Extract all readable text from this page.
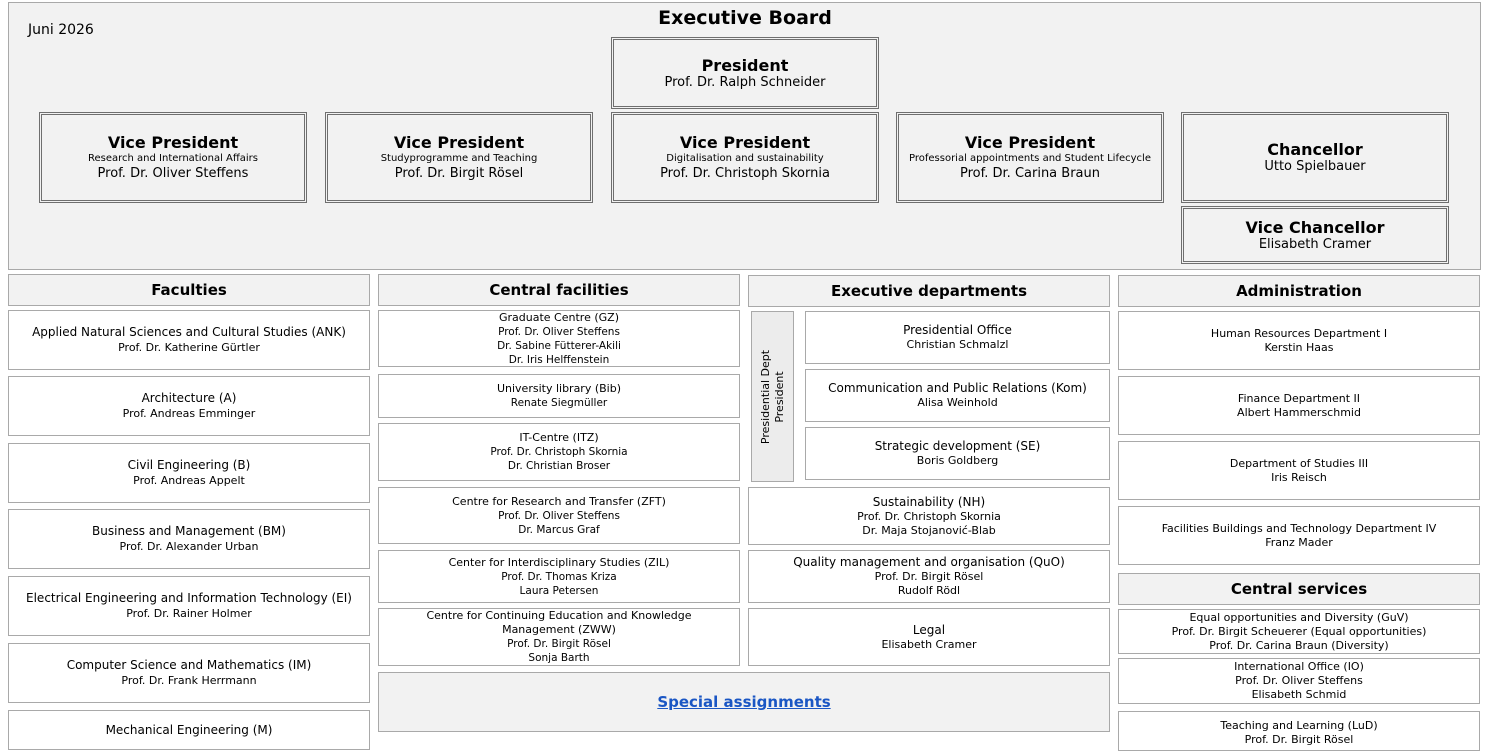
Juni 2026
Executive Board
President
Prof. Dr. Ralph Schneider
Vice President
Research and International Affairs
Prof. Dr. Oliver Steffens
Vice President
Studyprogramme and Teaching
Prof. Dr. Birgit Rösel
Vice President
Digitalisation and sustainability
Prof. Dr. Christoph Skornia
Vice President
Professorial appointments and Student Lifecycle
Prof. Dr. Carina Braun
Chancellor
Utto Spielbauer
Vice Chancellor
Elisabeth Cramer
Faculties
Applied Natural Sciences and Cultural Studies (ANK)
Prof. Dr. Katherine Gürtler
Architecture (A)
Prof. Andreas Emminger
Civil Engineering (B)
Prof. Andreas Appelt
Business and Management (BM)
Prof. Dr. Alexander Urban
Electrical Engineering and Information Technology (EI)
Prof. Dr. Rainer Holmer
Computer Science and Mathematics (IM)
Prof. Dr. Frank Herrmann
Mechanical Engineering (M)
Central facilities
Graduate Centre (GZ)
Prof. Dr. Oliver Steffens
Dr. Sabine Fütterer-Akili
Dr. Iris Helffenstein
University library (Bib)
Renate Siegmüller
IT-Centre (ITZ)
Prof. Dr. Christoph Skornia
Dr. Christian Broser
Centre for Research and Transfer (ZFT)
Prof. Dr. Oliver Steffens
Dr. Marcus Graf
Center for Interdisciplinary Studies (ZIL)
Prof. Dr. Thomas Kriza
Laura Petersen
Centre for Continuing Education and Knowledge Management (ZWW)
Prof. Dr. Birgit Rösel
Sonja Barth
Special assignments
Executive departments
Presidential Dept President
Presidential Office
Christian Schmalzl
Communication and Public Relations (Kom)
Alisa Weinhold
Strategic development (SE)
Boris Goldberg
Sustainability (NH)
Prof. Dr. Christoph Skornia
Dr. Maja Stojanović-Blab
Quality management and organisation (QuO)
Prof. Dr. Birgit Rösel
Rudolf Rödl
Legal
Elisabeth Cramer
Administration
Human Resources Department I
Kerstin Haas
Finance Department II
Albert Hammerschmid
Department of Studies III
Iris Reisch
Facilities Buildings and Technology Department IV
Franz Mader
Central services
Equal opportunities and Diversity (GuV)
Prof. Dr. Birgit Scheuerer (Equal opportunities)
Prof. Dr. Carina Braun (Diversity)
International Office (IO)
Prof. Dr. Oliver Steffens
Elisabeth Schmid
Teaching and Learning (LuD)
Prof. Dr. Birgit Rösel
